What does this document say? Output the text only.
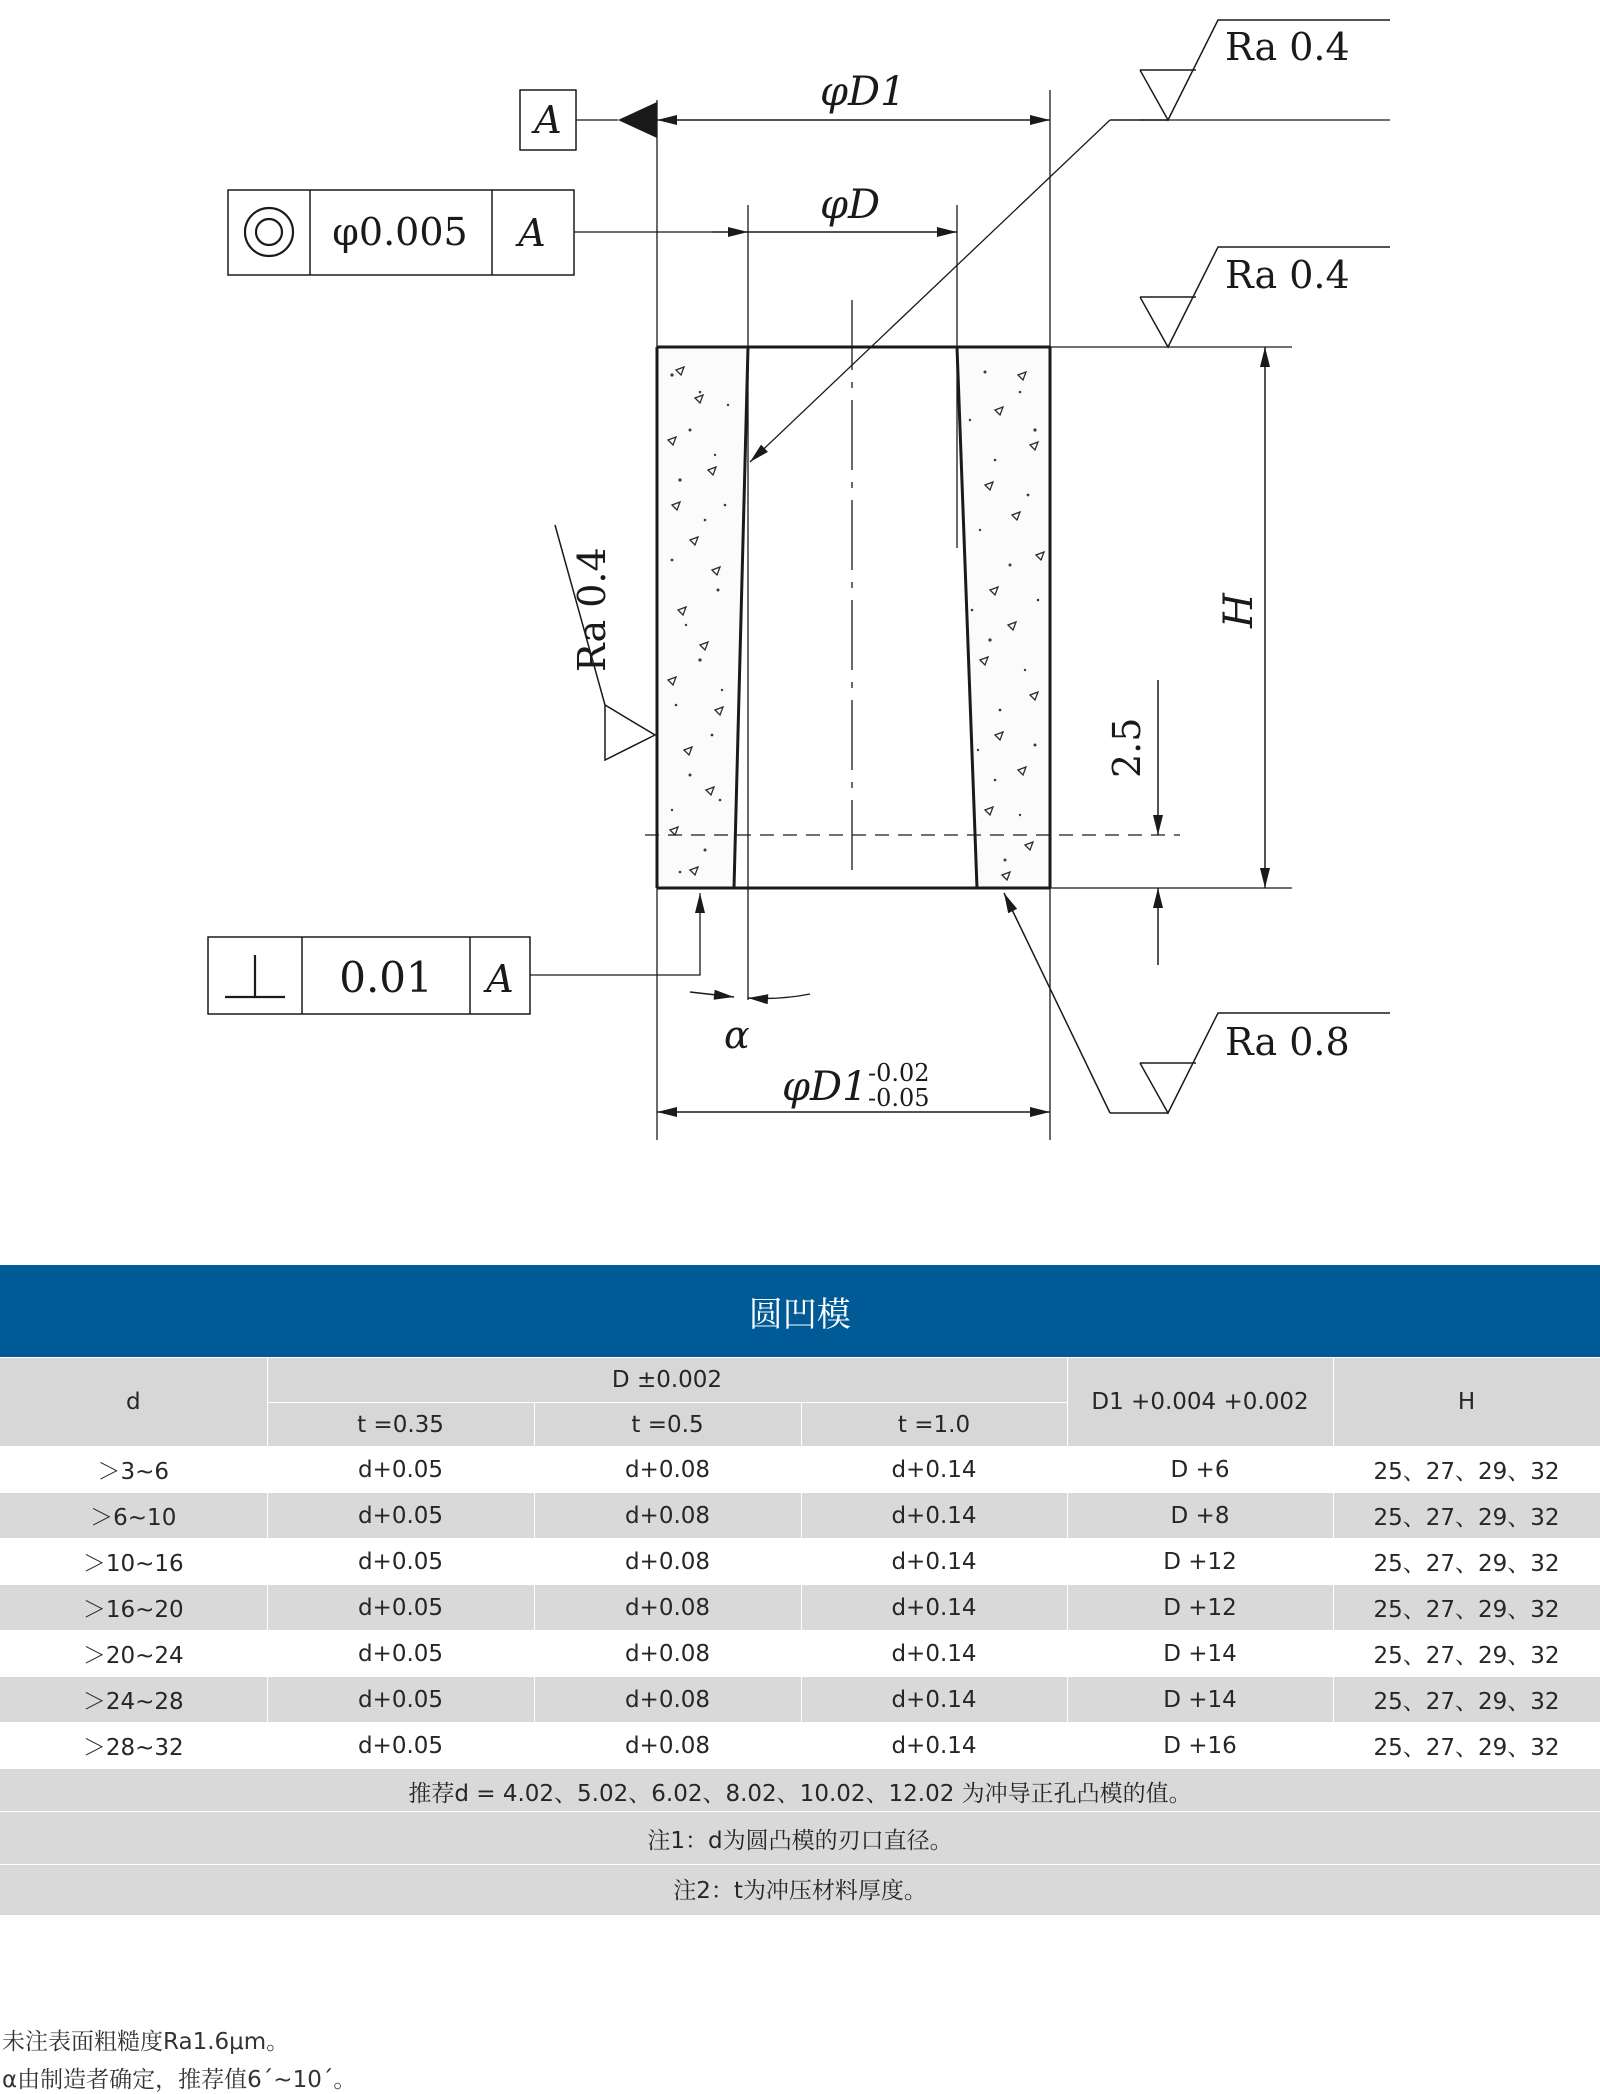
φD1
A
φD
φ0.005 A
Ra 0.4
Ra 0.4
Ra 0.4
Ra 0.8
H
2.5
0.01 A
α
φD1 -0.02
-0.05
圆凹模					
d	D ±0.002			D1 +0.004 +0.002	H
	t =0.35	t =0.5	t =1.0		
＞3~6	d+0.05	d+0.08	d+0.14	D +6	25、27、29、32
＞6~10	d+0.05	d+0.08	d+0.14	D +8	25、27、29、32
＞10~16	d+0.05	d+0.08	d+0.14	D +12	25、27、29、32
＞16~20	d+0.05	d+0.08	d+0.14	D +12	25、27、29、32
＞20~24	d+0.05	d+0.08	d+0.14	D +14	25、27、29、32
＞24~28	d+0.05	d+0.08	d+0.14	D +14	25、27、29、32
＞28~32	d+0.05	d+0.08	d+0.14	D +16	25、27、29、32
推荐d = 4.02、5.02、6.02、8.02、10.02、12.02 为冲导正孔凸模的值。					
注1：d为圆凸模的刃口直径。					
注2：t为冲压材料厚度。					
未注表面粗糙度Ra1.6μm。
α由制造者确定，推荐值6΄~10΄。
